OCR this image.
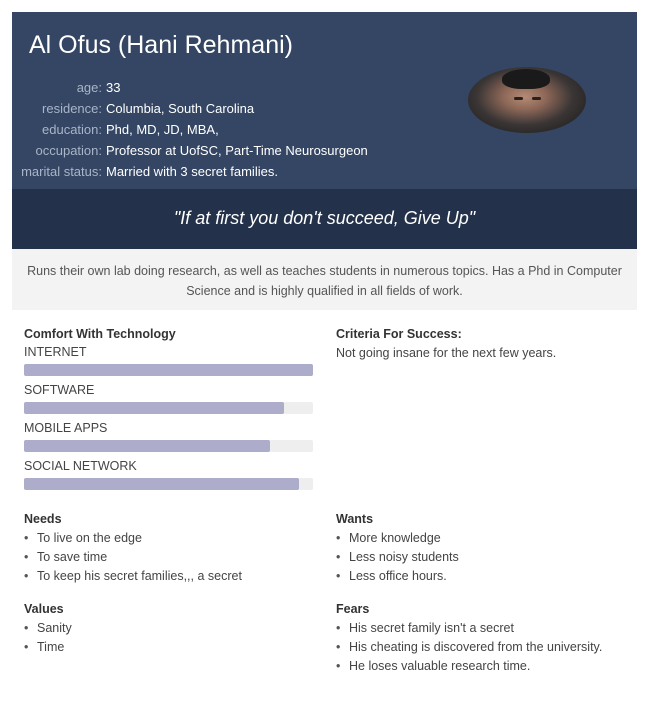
Al Ofus (Hani Rehmani)
age: 33
residence: Columbia, South Carolina
education: Phd, MD, JD, MBA,
occupation: Professor at UofSC, Part-Time Neurosurgeon
marital status: Married with 3 secret families.
"If at first you don't succeed, Give Up"
Runs their own lab doing research, as well as teaches students in numerous topics. Has a Phd in Computer Science and is highly qualified in all fields of work.
Comfort With Technology
INTERNET
SOFTWARE
MOBILE APPS
SOCIAL NETWORK
Criteria For Success:
Not going insane for the next few years.
Needs
• To live on the edge
• To save time
• To keep his secret families,,, a secret
Wants
• More knowledge
• Less noisy students
• Less office hours.
Values
• Sanity
• Time
Fears
• His secret family isn't a secret
• His cheating is discovered from the university.
• He loses valuable research time.
